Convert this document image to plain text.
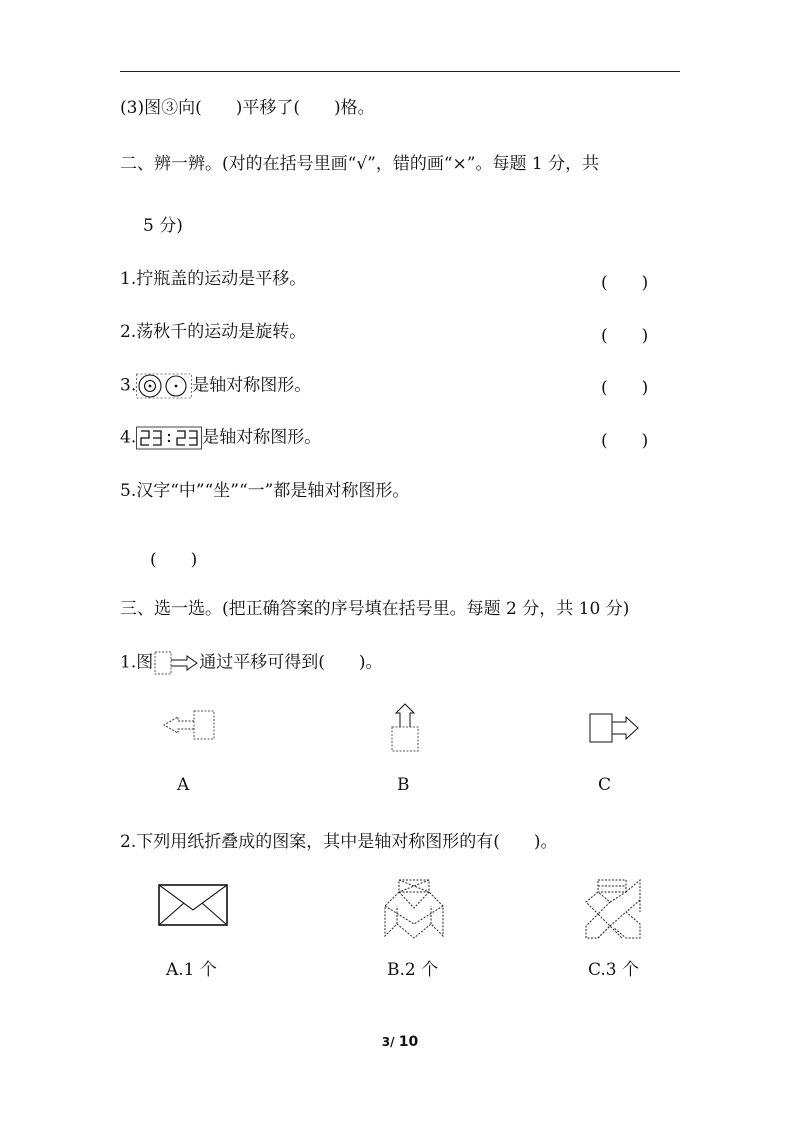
(3)图③向(　　)平移了(　　)格。
二、辨一辨。(对的在括号里画“√”，错的画“×”。每题 1 分，共
5 分)
1.拧瓶盖的运动是平移。	(　　)
2.荡秋千的运动是旋转。	(　　)
3.	是轴对称图形。	(　　)
4.	是轴对称图形。	(　　)
5.汉字“中”“坐”“一”都是轴对称图形。
(　　)
三、选一选。(把正确答案的序号填在括号里。每题 2 分，共 10 分)
1.图	通过平移可得到(　　)。
A	B	C
2.下列用纸折叠成的图案，其中是轴对称图形的有(　　)。
A.1 个	B.2 个	C.3 个
3/ 10
